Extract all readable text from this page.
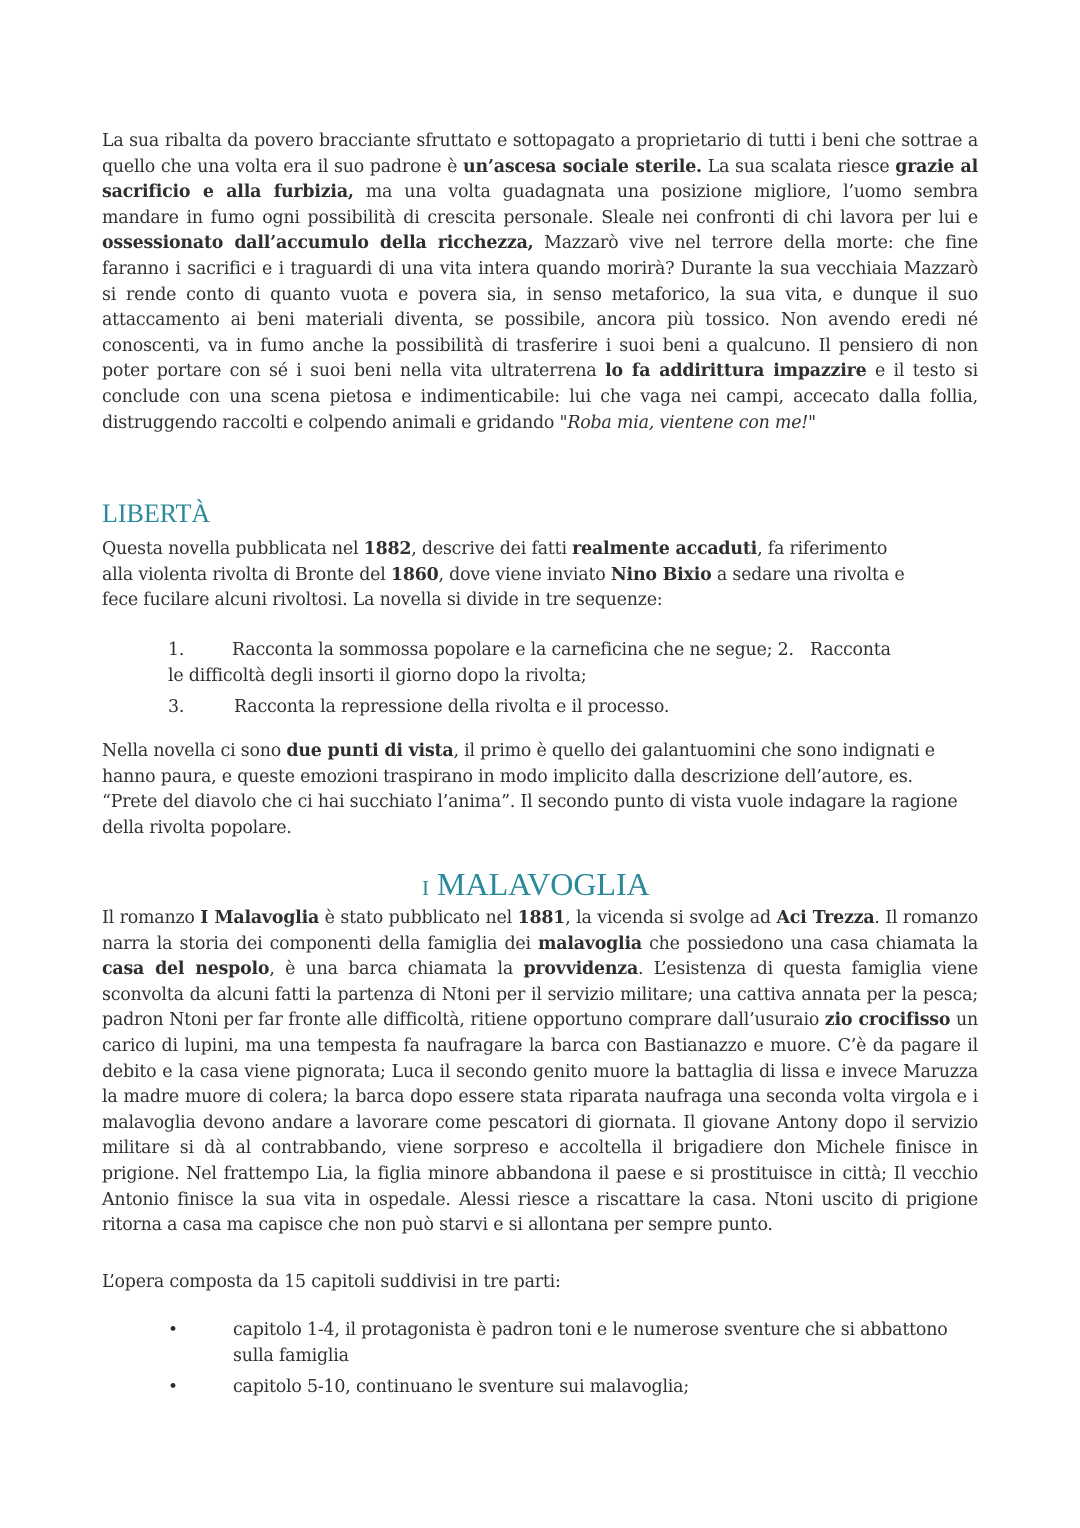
La sua ribalta da povero bracciante sfruttato e sottopagato a proprietario di tutti i beni che sottrae a quello che una volta era il suo padrone è un’ascesa sociale sterile. La sua scalata riesce grazie al sacrificio e alla furbizia, ma una volta guadagnata una posizione migliore, l’uomo sembra mandare in fumo ogni possibilità di crescita personale. Sleale nei confronti di chi lavora per lui e ossessionato dall’accumulo della ricchezza, Mazzarò vive nel terrore della morte: che fine faranno i sacrifici e i traguardi di una vita intera quando morirà? Durante la sua vecchiaia Mazzarò si rende conto di quanto vuota e povera sia, in senso metaforico, la sua vita, e dunque il suo attaccamento ai beni materiali diventa, se possibile, ancora più tossico. Non avendo eredi né conoscenti, va in fumo anche la possibilità di trasferire i suoi beni a qualcuno. Il pensiero di non poter portare con sé i suoi beni nella vita ultraterrena lo fa addirittura impazzire e il testo si conclude con una scena pietosa e indimenticabile: lui che vaga nei campi, accecato dalla follia, distruggendo raccolti e colpendo animali e gridando "Roba mia, vientene con me!"

LIBERTÀ

Questa novella pubblicata nel 1882, descrive dei fatti realmente accaduti, fa riferimento alla violenta rivolta di Bronte del 1860, dove viene inviato Nino Bixio a sedare una rivolta e fece fucilare alcuni rivoltosi. La novella si divide in tre sequenze:

1.	Racconta la sommossa popolare e la carneficina che ne segue; 2. Racconta
le difficoltà degli insorti il giorno dopo la rivolta;
3.	Racconta la repressione della rivolta e il processo.

Nella novella ci sono due punti di vista, il primo è quello dei galantuomini che sono indignati e hanno paura, e queste emozioni traspirano in modo implicito dalla descrizione dell’autore, es. “Prete del diavolo che ci hai succhiato l’anima”. Il secondo punto di vista vuole indagare la ragione della rivolta popolare.

I MALAVOGLIA

Il romanzo I Malavoglia è stato pubblicato nel 1881, la vicenda si svolge ad Aci Trezza. Il romanzo narra la storia dei componenti della famiglia dei malavoglia che possiedono una casa chiamata la casa del nespolo, è una barca chiamata la provvidenza. L’esistenza di questa famiglia viene sconvolta da alcuni fatti la partenza di Ntoni per il servizio militare; una cattiva annata per la pesca; padron Ntoni per far fronte alle difficoltà, ritiene opportuno comprare dall’usuraio zio crocifisso un carico di lupini, ma una tempesta fa naufragare la barca con Bastianazzo e muore. C’è da pagare il debito e la casa viene pignorata; Luca il secondo genito muore la battaglia di lissa e invece Maruzza la madre muore di colera; la barca dopo essere stata riparata naufraga una seconda volta virgola e i malavoglia devono andare a lavorare come pescatori di giornata. Il giovane Antony dopo il servizio militare si dà al contrabbando, viene sorpreso e accoltella il brigadiere don Michele finisce in prigione. Nel frattempo Lia, la figlia minore abbandona il paese e si prostituisce in città; Il vecchio Antonio finisce la sua vita in ospedale. Alessi riesce a riscattare la casa. Ntoni uscito di prigione ritorna a casa ma capisce che non può starvi e si allontana per sempre punto.

L’opera composta da 15 capitoli suddivisi in tre parti:

•	capitolo 1-4, il protagonista è padron toni e le numerose sventure che si abbattono sulla famiglia

•	capitolo 5-10, continuano le sventure sui malavoglia;
